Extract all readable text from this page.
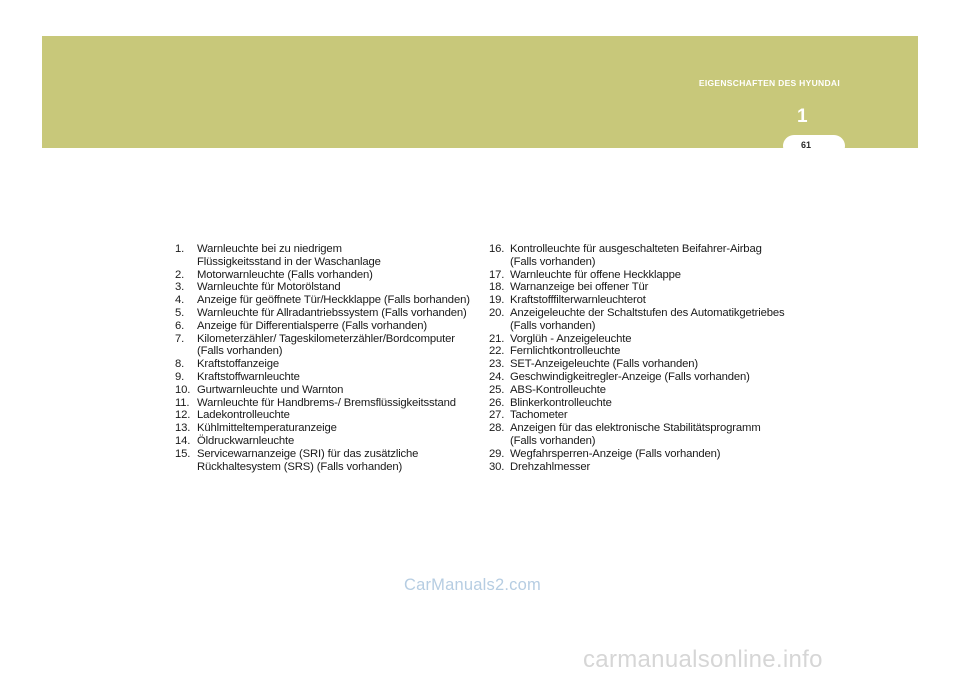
EIGENSCHAFTEN DES HYUNDAI
1
61
1.	Warnleuchte bei zu niedrigem
Flüssigkeitsstand in der Waschanlage
2.	Motorwarnleuchte (Falls vorhanden)
3.	Warnleuchte für Motorölstand
4.	Anzeige für geöffnete Tür/Heckklappe (Falls borhanden)
5.	Warnleuchte für Allradantriebssystem (Falls vorhanden)
6.	Anzeige für Differentialsperre (Falls vorhanden)
7.	Kilometerzähler/ Tageskilometerzähler/Bordcomputer
(Falls vorhanden)
8.	Kraftstoffanzeige
9.	Kraftstoffwarnleuchte
10. Gurtwarnleuchte und Warnton
11. Warnleuchte für Handbrems-/ Bremsflüssigkeitsstand
12. Ladekontrolleuchte
13. Kühlmitteltemperaturanzeige
14. Öldruckwarnleuchte
15. Servicewarnanzeige (SRI) für das zusätzliche
Rückhaltesystem (SRS) (Falls vorhanden)
16. Kontrolleuchte für ausgeschalteten Beifahrer-Airbag
(Falls vorhanden)
17. Warnleuchte für offene Heckklappe
18. Warnanzeige bei offener Tür
19. Kraftstofffilterwarnleuchterot
20. Anzeigeleuchte der Schaltstufen des Automatikgetriebes
(Falls vorhanden)
21. Vorglüh - Anzeigeleuchte
22. Fernlichtkontrolleuchte
23. SET-Anzeigeleuchte (Falls vorhanden)
24. Geschwindigkeitregler-Anzeige (Falls vorhanden)
25. ABS-Kontrolleuchte
26. Blinkerkontrolleuchte
27. Tachometer
28. Anzeigen für das elektronische Stabilitätsprogramm
(Falls vorhanden)
29. Wegfahrsperren-Anzeige (Falls vorhanden)
30. Drehzahlmesser
CarManuals2.com
carmanualsonline.info
